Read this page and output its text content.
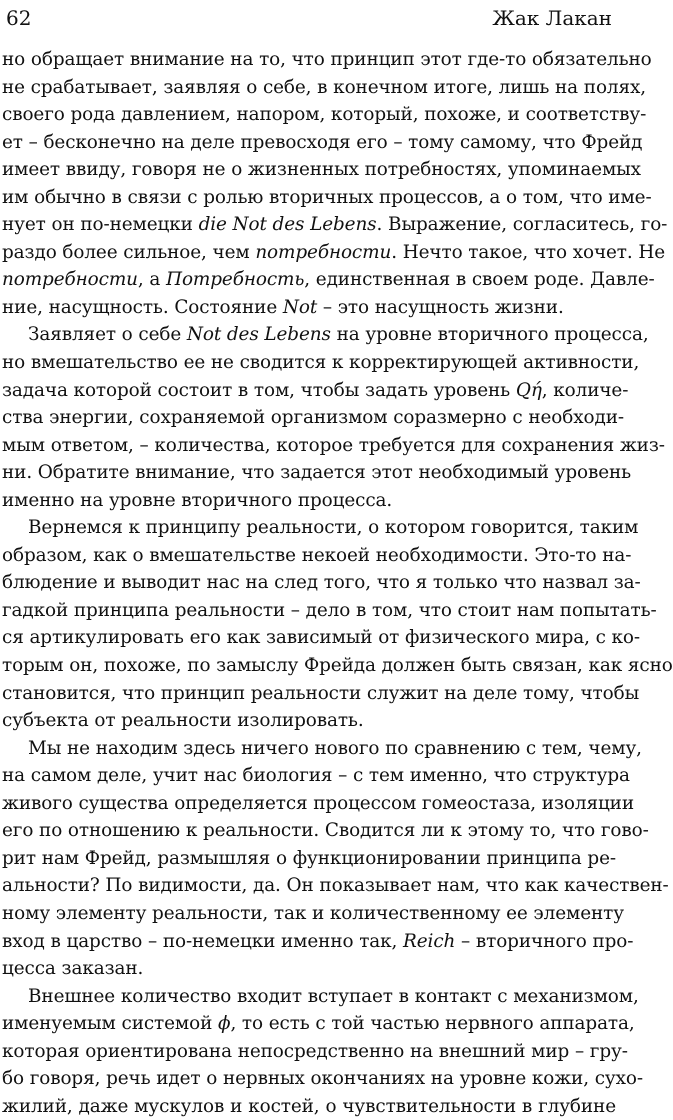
62	Жак Лакан
но обращает внимание на то, что принцип этот где-то обязательно
не срабатывает, заявляя о себе, в конечном итоге, лишь на полях,
своего рода давлением, напором, который, похоже, и соответству-
ет – бесконечно на деле превосходя его – тому самому, что Фрейд
имеет ввиду, говоря не о жизненных потребностях, упоминаемых
им обычно в связи с ролью вторичных процессов, а о том, что име-
нует он по-немецки die Not des Lebens. Выражение, согласитесь, го-
раздо более сильное, чем потребности. Нечто такое, что хочет. Не
потребности, а Потребность, единственная в своем роде. Давле-
ние, насущность. Состояние Not – это насущность жизни.
Заявляет о себе Not des Lebens на уровне вторичного процесса,
но вмешательство ее не сводится к корректирующей активности,
задача которой состоит в том, чтобы задать уровень Qή, количе-
ства энергии, сохраняемой организмом соразмерно с необходи-
мым ответом, – количества, которое требуется для сохранения жиз-
ни. Обратите внимание, что задается этот необходимый уровень
именно на уровне вторичного процесса.
Вернемся к принципу реальности, о котором говорится, таким
образом, как о вмешательстве некоей необходимости. Это-то на-
блюдение и выводит нас на след того, что я только что назвал за-
гадкой принципа реальности – дело в том, что стоит нам попытать-
ся артикулировать его как зависимый от физического мира, с ко-
торым он, похоже, по замыслу Фрейда должен быть связан, как ясно
становится, что принцип реальности служит на деле тому, чтобы
субъекта от реальности изолировать.
Мы не находим здесь ничего нового по сравнению с тем, чему,
на самом деле, учит нас биология – с тем именно, что структура
живого существа определяется процессом гомеостаза, изоляции
его по отношению к реальности. Сводится ли к этому то, что гово-
рит нам Фрейд, размышляя о функционировании принципа ре-
альности? По видимости, да. Он показывает нам, что как качествен-
ному элементу реальности, так и количественному ее элементу
вход в царство – по-немецки именно так, Reich – вторичного про-
цесса заказан.
Внешнее количество входит вступает в контакт с механизмом,
именуемым системой ϕ, то есть с той частью нервного аппарата,
которая ориентирована непосредственно на внешний мир – гру-
бо говоря, речь идет о нервных окончаниях на уровне кожи, сухо-
жилий, даже мускулов и костей, о чувствительности в глубине
